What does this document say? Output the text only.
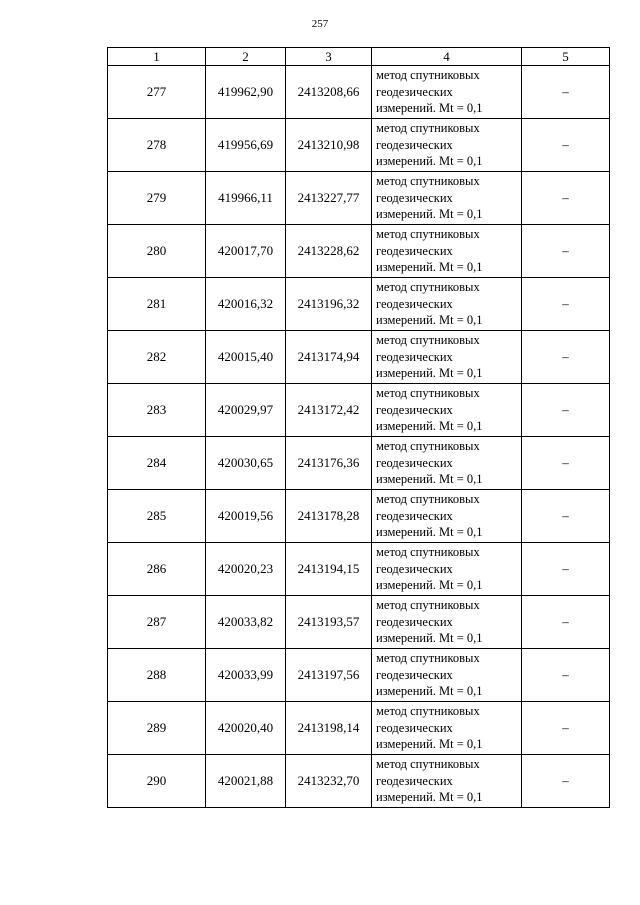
257
1	2	3	4	5
277	419962,90	2413208,66	метод спутниковых
геодезических
измерений. Mt = 0,1	–
278	419956,69	2413210,98	метод спутниковых
геодезических
измерений. Mt = 0,1	–
279	419966,11	2413227,77	метод спутниковых
геодезических
измерений. Mt = 0,1	–
280	420017,70	2413228,62	метод спутниковых
геодезических
измерений. Mt = 0,1	–
281	420016,32	2413196,32	метод спутниковых
геодезических
измерений. Mt = 0,1	–
282	420015,40	2413174,94	метод спутниковых
геодезических
измерений. Mt = 0,1	–
283	420029,97	2413172,42	метод спутниковых
геодезических
измерений. Mt = 0,1	–
284	420030,65	2413176,36	метод спутниковых
геодезических
измерений. Mt = 0,1	–
285	420019,56	2413178,28	метод спутниковых
геодезических
измерений. Mt = 0,1	–
286	420020,23	2413194,15	метод спутниковых
геодезических
измерений. Mt = 0,1	–
287	420033,82	2413193,57	метод спутниковых
геодезических
измерений. Mt = 0,1	–
288	420033,99	2413197,56	метод спутниковых
геодезических
измерений. Mt = 0,1	–
289	420020,40	2413198,14	метод спутниковых
геодезических
измерений. Mt = 0,1	–
290	420021,88	2413232,70	метод спутниковых
геодезических
измерений. Mt = 0,1	–
